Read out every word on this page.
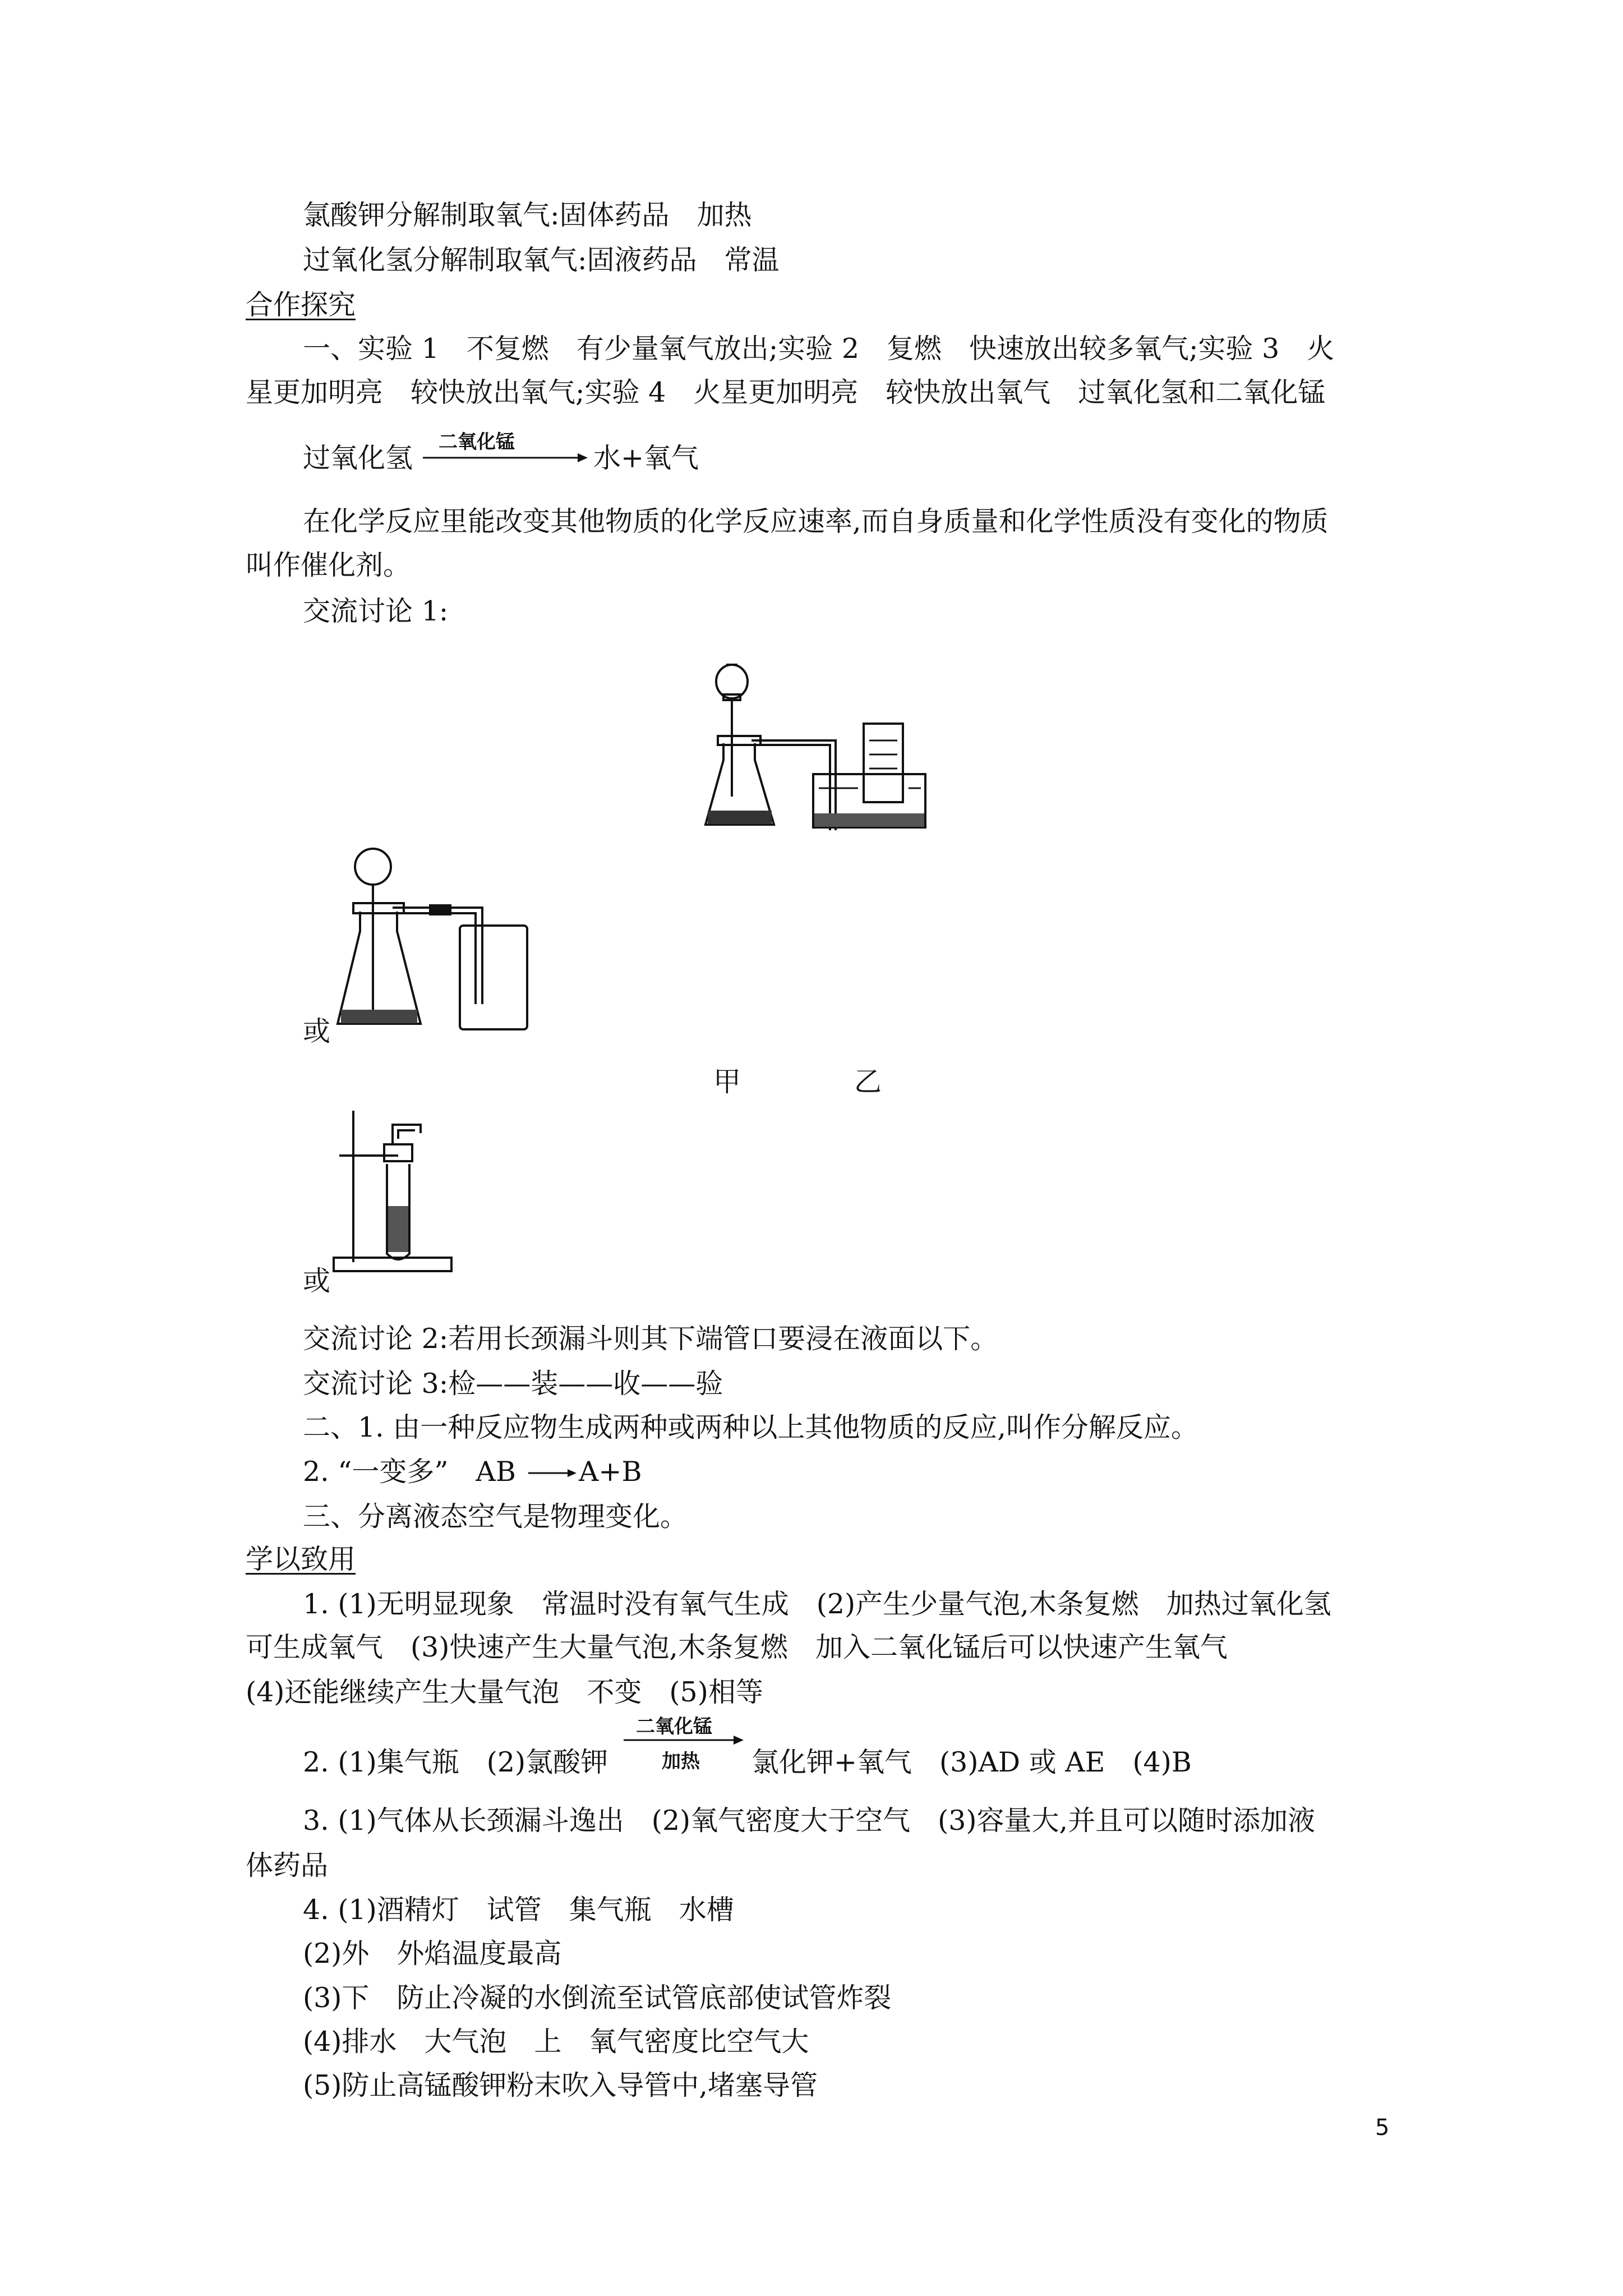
氯酸钾分解制取氧气:固体药品　加热
过氧化氢分解制取氧气:固液药品　常温
合作探究
一、实验 1　不复燃　有少量氧气放出;实验 2　复燃　快速放出较多氧气;实验 3　火
星更加明亮　较快放出氧气;实验 4　火星更加明亮　较快放出氧气　过氧化氢和二氧化锰
过氧化氢 二氧化锰	水+氧气
在化学反应里能改变其他物质的化学反应速率,而自身质量和化学性质没有变化的物质
叫作催化剂。
交流讨论 1:
或
甲	乙
或
交流讨论 2:若用长颈漏斗则其下端管口要浸在液面以下。
交流讨论 3:检——装——收——验
二、1. 由一种反应物生成两种或两种以上其他物质的反应,叫作分解反应。
2. “一变多”　AB A+B
三、分离液态空气是物理变化。
学以致用
1. (1)无明显现象　常温时没有氧气生成　(2)产生少量气泡,木条复燃　加热过氧化氢
可生成氧气　(3)快速产生大量气泡,木条复燃　加入二氧化锰后可以快速产生氧气
(4)还能继续产生大量气泡　不变　(5)相等
2. (1)集气瓶　(2)氯酸钾
二氧化锰
加热 氯化钾+氧气　(3)AD 或 AE　(4)B
3. (1)气体从长颈漏斗逸出　(2)氧气密度大于空气　(3)容量大,并且可以随时添加液
体药品
4. (1)酒精灯　试管　集气瓶　水槽
(2)外　外焰温度最高
(3)下　防止冷凝的水倒流至试管底部使试管炸裂
(4)排水　大气泡　上　氧气密度比空气大
(5)防止高锰酸钾粉末吹入导管中,堵塞导管
5
